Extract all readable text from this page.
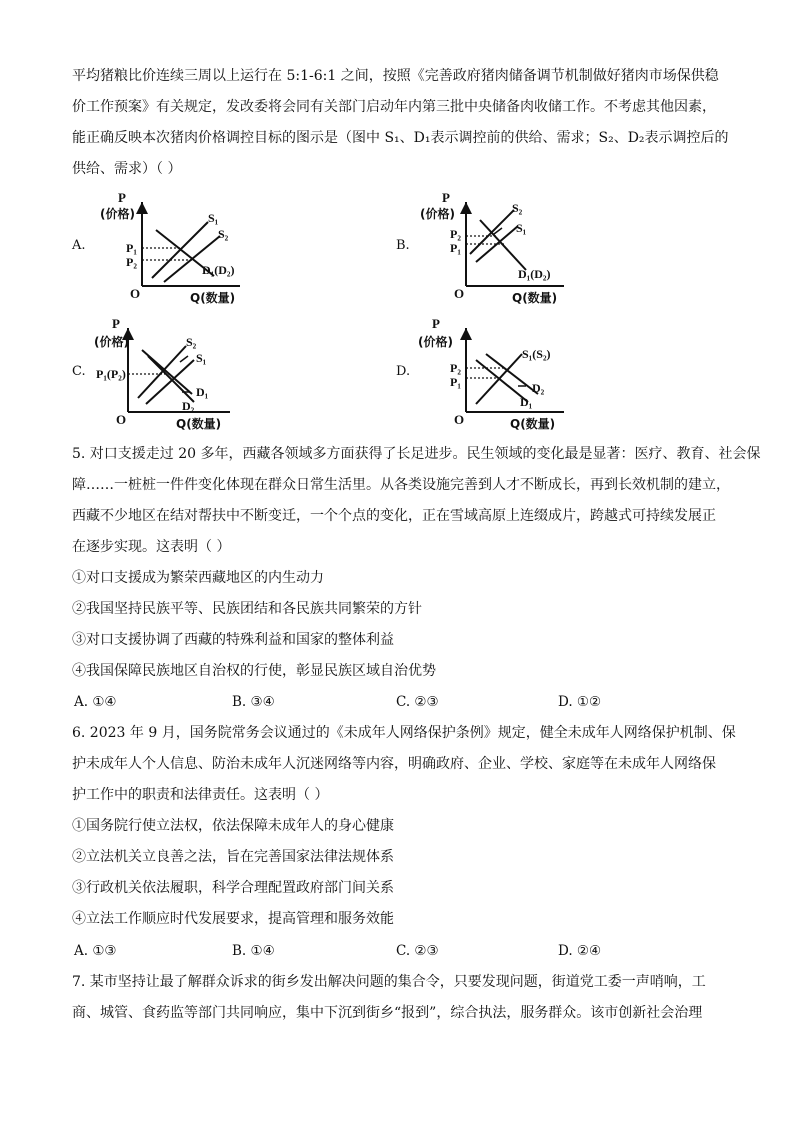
平均猪粮比价连续三周以上运行在 5:1-6:1 之间，按照《完善政府猪肉储备调节机制做好猪肉市场保供稳
价工作预案》有关规定，发改委将会同有关部门启动年内第三批中央储备肉收储工作。不考虑其他因素，
能正确反映本次猪肉价格调控目标的图示是（图中 S₁、D₁表示调控前的供给、需求；S₂、D₂表示调控后的
供给、需求）（ ）
A.
P
(价格)
O	Q(数量)
S₁
S₂
D₁(D₂)
P₁
P₂
B.
P
(价格)
O	Q(数量)
S₂
S₁
D₁(D₂)
P₂
P₁
C.
P
(价格)
O	Q(数量)
S₂
S₁
D₁
D₂
P₁(P₂)	D.
P
(价格)
O	Q(数量)
S₁(S₂)
D₂
D₁
P₂
P₁
5. 对口支援走过 20 多年，西藏各领域多方面获得了长足进步。民生领域的变化最是显著：医疗、教育、社会保
障……一桩桩一件件变化体现在群众日常生活里。从各类设施完善到人才不断成长，再到长效机制的建立，
西藏不少地区在结对帮扶中不断变迁，一个个点的变化，正在雪域高原上连缀成片，跨越式可持续发展正
在逐步实现。这表明（ ）
①对口支援成为繁荣西藏地区的内生动力
②我国坚持民族平等、民族团结和各民族共同繁荣的方针
③对口支援协调了西藏的特殊利益和国家的整体利益
④我国保障民族地区自治权的行使，彰显民族区域自治优势
A. ①④	B. ③④	C. ②③	D. ①②
6. 2023 年 9 月，国务院常务会议通过的《未成年人网络保护条例》规定，健全未成年人网络保护机制、保
护未成年人个人信息、防治未成年人沉迷网络等内容，明确政府、企业、学校、家庭等在未成年人网络保
护工作中的职责和法律责任。这表明（ ）
①国务院行使立法权，依法保障未成年人的身心健康
②立法机关立良善之法，旨在完善国家法律法规体系
③行政机关依法履职，科学合理配置政府部门间关系
④立法工作顺应时代发展要求，提高管理和服务效能
A. ①③	B. ①④	C. ②③	D. ②④
7. 某市坚持让最了解群众诉求的街乡发出解决问题的集合令，只要发现问题，街道党工委一声哨响，工
商、城管、食药监等部门共同响应，集中下沉到街乡“报到”，综合执法，服务群众。该市创新社会治理
